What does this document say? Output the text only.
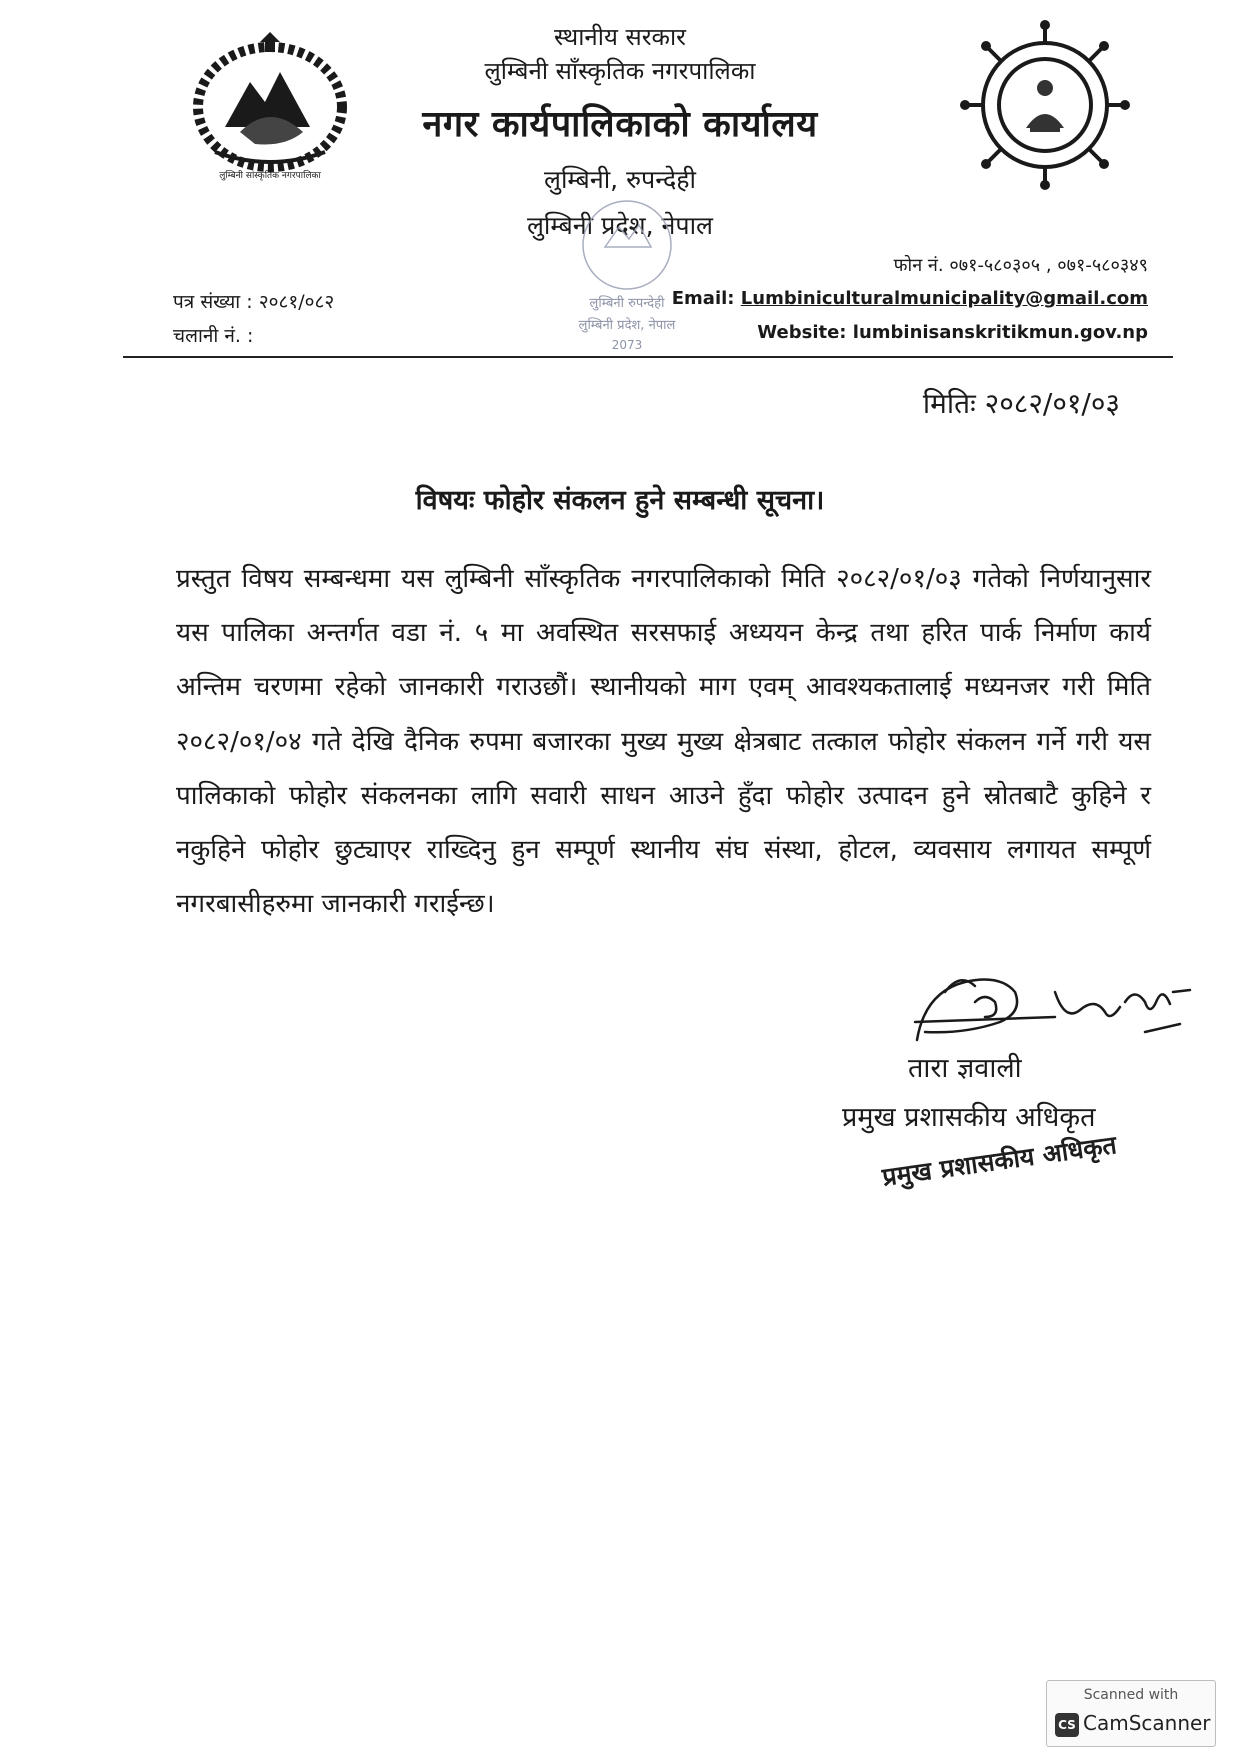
लुम्बिनी सांस्कृतिक नगरपालिका
स्थानीय सरकार
लुम्बिनी साँस्कृतिक नगरपालिका
नगर कार्यपालिकाको कार्यालय
लुम्बिनी, रुपन्देही
लुम्बिनी प्रदेश, नेपाल
लुम्बिनी रुपन्देही
लुम्बिनी प्रदेश, नेपाल
2073
पत्र संख्या : २०८१/०८२
चलानी नं. :
फोन नं. ०७१-५८०३०५ , ०७१-५८०३४९
Email: Lumbiniculturalmunicipality@gmail.com
Website: lumbinisanskritikmun.gov.np
मितिः २०८२/०१/०३
विषयः फोहोर संकलन हुने सम्बन्धी सूचना।
प्रस्तुत विषय सम्बन्धमा यस लुम्बिनी साँस्कृतिक नगरपालिकाको मिति २०८२/०१/०३ गतेको निर्णयानुसार यस पालिका अन्तर्गत वडा नं. ५ मा अवस्थित सरसफाई अध्ययन केन्द्र तथा हरित पार्क निर्माण कार्य अन्तिम चरणमा रहेको जानकारी गराउछौं। स्थानीयको माग एवम् आवश्यकतालाई मध्यनजर गरी मिति २०८२/०१/०४ गते देखि दैनिक रुपमा बजारका मुख्य मुख्य क्षेत्रबाट तत्काल फोहोर संकलन गर्ने गरी यस पालिकाको फोहोर संकलनका लागि सवारी साधन आउने हुँदा फोहोर उत्पादन हुने स्रोतबाटै कुहिने र नकुहिने फोहोर छुट्याएर राख्दिनु हुन सम्पूर्ण स्थानीय संघ संस्था, होटल, व्यवसाय लगायत सम्पूर्ण नगरबासीहरुमा जानकारी गराईन्छ।
२०८२/०१/०३
तारा ज्ञवाली
प्रमुख प्रशासकीय अधिकृत
प्रमुख प्रशासकीय अधिकृत
Scanned with
CS CamScanner
